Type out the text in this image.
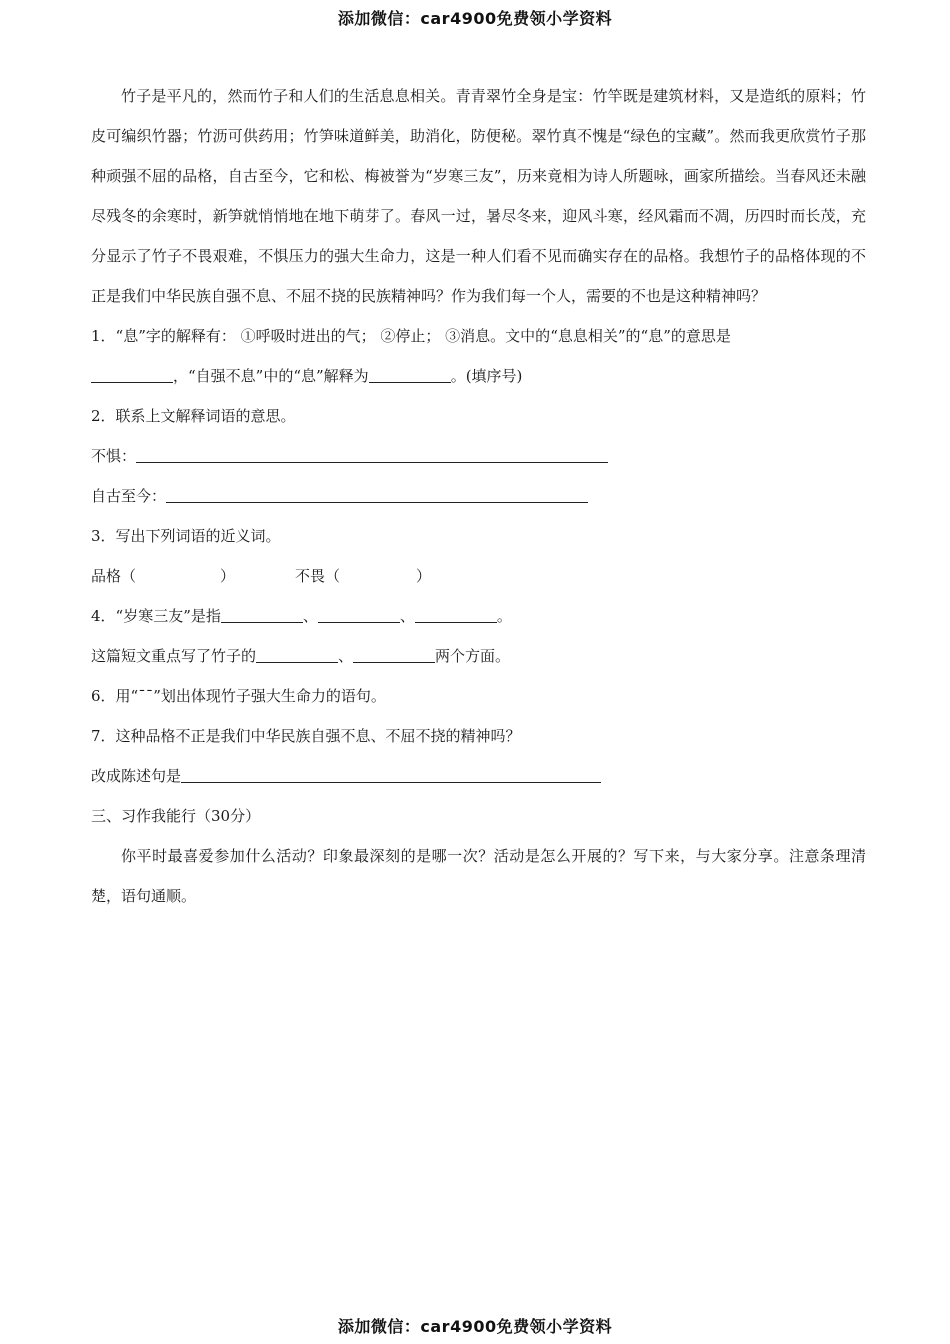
添加微信：car4900免费领小学资料

竹子是平凡的，然而竹子和人们的生活息息相关。青青翠竹全身是宝：竹竿既是建筑材料，又是造纸的原料；竹皮可编织竹器；竹沥可供药用；竹笋味道鲜美，助消化，防便秘。翠竹真不愧是“绿色的宝藏”。然而我更欣赏竹子那种顽强不屈的品格，自古至今，它和松、梅被誉为“岁寒三友”，历来竟相为诗人所题咏，画家所描绘。当春风还未融尽残冬的余寒时，新笋就悄悄地在地下萌芽了。春风一过，暑尽冬来，迎风斗寒，经风霜而不凋，历四时而长茂，充分显示了竹子不畏艰难，不惧压力的强大生命力，这是一种人们看不见而确实存在的品格。我想竹子的品格体现的不正是我们中华民族自强不息、不屈不挠的民族精神吗？作为我们每一个人，需要的不也是这种精神吗？

1．“息”字的解释有： ①呼吸时进出的气； ②停止； ③消息。文中的“息息相关”的“息”的意思是

，“自强不息”中的“息”解释为	。(填序号)

2．联系上文解释词语的意思。

不惧：

自古至今：

3．写出下列词语的近义词。

品格（	）	不畏（	）

4．“岁寒三友”是指	、	、	。

这篇短文重点写了竹子的	、	两个方面。

6．用“ˉˉ”划出体现竹子强大生命力的语句。

7．这种品格不正是我们中华民族自强不息、不屈不挠的精神吗？

改成陈述句是

三、习作我能行（30分）

你平时最喜爱参加什么活动？印象最深刻的是哪一次？活动是怎么开展的？写下来，与大家分享。注意条理清楚，语句通顺。

添加微信：car4900免费领小学资料
